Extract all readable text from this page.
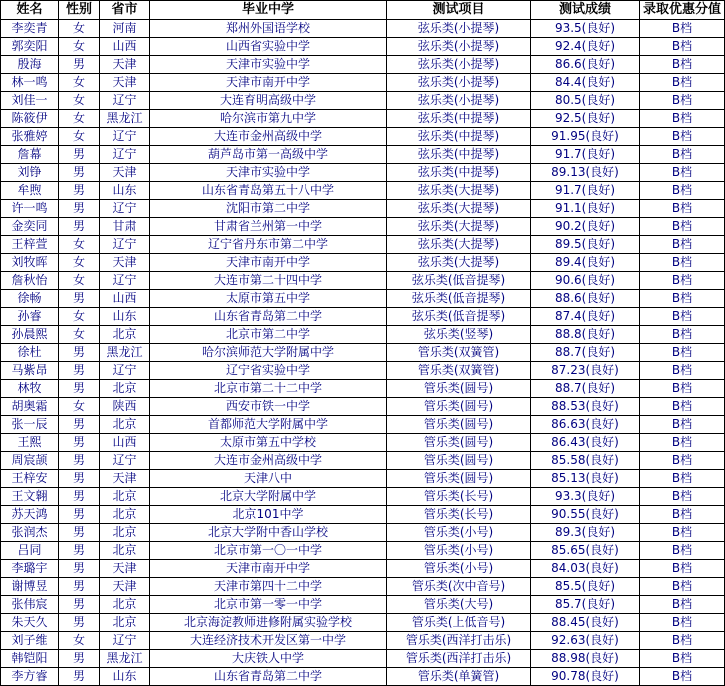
姓名	性别	省市	毕业中学	测试项目	测试成绩	录取优惠分值
李奕青	女	河南	郑州外国语学校	弦乐类(小提琴)	93.5(良好)	B档
郭奕阳	女	山西	山西省实验中学	弦乐类(小提琴)	92.4(良好)	B档
殷海	男	天津	天津市实验中学	弦乐类(小提琴)	86.6(良好)	B档
林一鸣	女	天津	天津市南开中学	弦乐类(小提琴)	84.4(良好)	B档
刘佳一	女	辽宁	大连育明高级中学	弦乐类(小提琴)	80.5(良好)	B档
陈筱伊	女	黑龙江	哈尔滨市第九中学	弦乐类(中提琴)	92.5(良好)	B档
张雅婷	女	辽宁	大连市金州高级中学	弦乐类(中提琴)	91.95(良好)	B档
詹幕	男	辽宁	葫芦岛市第一高级中学	弦乐类(中提琴)	91.7(良好)	B档
刘铮	男	天津	天津市实验中学	弦乐类(中提琴)	89.13(良好)	B档
牟煦	男	山东	山东省青岛第五十八中学	弦乐类(大提琴)	91.7(良好)	B档
许一鸣	男	辽宁	沈阳市第二中学	弦乐类(大提琴)	91.1(良好)	B档
金奕同	男	甘肃	甘肃省兰州第一中学	弦乐类(大提琴)	90.2(良好)	B档
王梓萱	女	辽宁	辽宁省丹东市第二中学	弦乐类(大提琴)	89.5(良好)	B档
刘牧晖	女	天津	天津市南开中学	弦乐类(大提琴)	89.4(良好)	B档
詹秋怡	女	辽宁	大连市第二十四中学	弦乐类(低音提琴)	90.6(良好)	B档
徐畅	男	山西	太原市第五中学	弦乐类(低音提琴)	88.6(良好)	B档
孙睿	女	山东	山东省青岛第二中学	弦乐类(低音提琴)	87.4(良好)	B档
孙晨熙	女	北京	北京市第二中学	弦乐类(竖琴)	88.8(良好)	B档
徐杜	男	黑龙江	哈尔滨师范大学附属中学	管乐类(双簧管)	88.7(良好)	B档
马紫昂	男	辽宁	辽宁省实验中学	管乐类(双簧管)	87.23(良好)	B档
林牧	男	北京	北京市第二十二中学	管乐类(圆号)	88.7(良好)	B档
胡奥霜	女	陕西	西安市铁一中学	管乐类(圆号)	88.53(良好)	B档
张一辰	男	北京	首都师范大学附属中学	管乐类(圆号)	86.63(良好)	B档
王熙	男	山西	太原市第五中学校	管乐类(圆号)	86.43(良好)	B档
周宸颉	男	辽宁	大连市金州高级中学	管乐类(圆号)	85.58(良好)	B档
王梓安	男	天津	天津八中	管乐类(圆号)	85.13(良好)	B档
王文翱	男	北京	北京大学附属中学	管乐类(长号)	93.3(良好)	B档
苏天鸿	男	北京	北京101中学	管乐类(长号)	90.55(良好)	B档
张润杰	男	北京	北京大学附中香山学校	管乐类(小号)	89.3(良好)	B档
吕同	男	北京	北京市第一〇一中学	管乐类(小号)	85.65(良好)	B档
李璐宇	男	天津	天津市南开中学	管乐类(小号)	84.03(良好)	B档
谢博昱	男	天津	天津市第四十二中学	管乐类(次中音号)	85.5(良好)	B档
张伟宸	男	北京	北京市第一零一中学	管乐类(大号)	85.7(良好)	B档
朱天久	男	北京	北京海淀教师进修附属实验学校	管乐类(上低音号)	88.45(良好)	B档
刘子维	女	辽宁	大连经济技术开发区第一中学	管乐类(西洋打击乐)	92.63(良好)	B档
韩铠阳	男	黑龙江	大庆铁人中学	管乐类(西洋打击乐)	88.98(良好)	B档
李方睿	男	山东	山东省青岛第二中学	管乐类(单簧管)	90.78(良好)	B档
